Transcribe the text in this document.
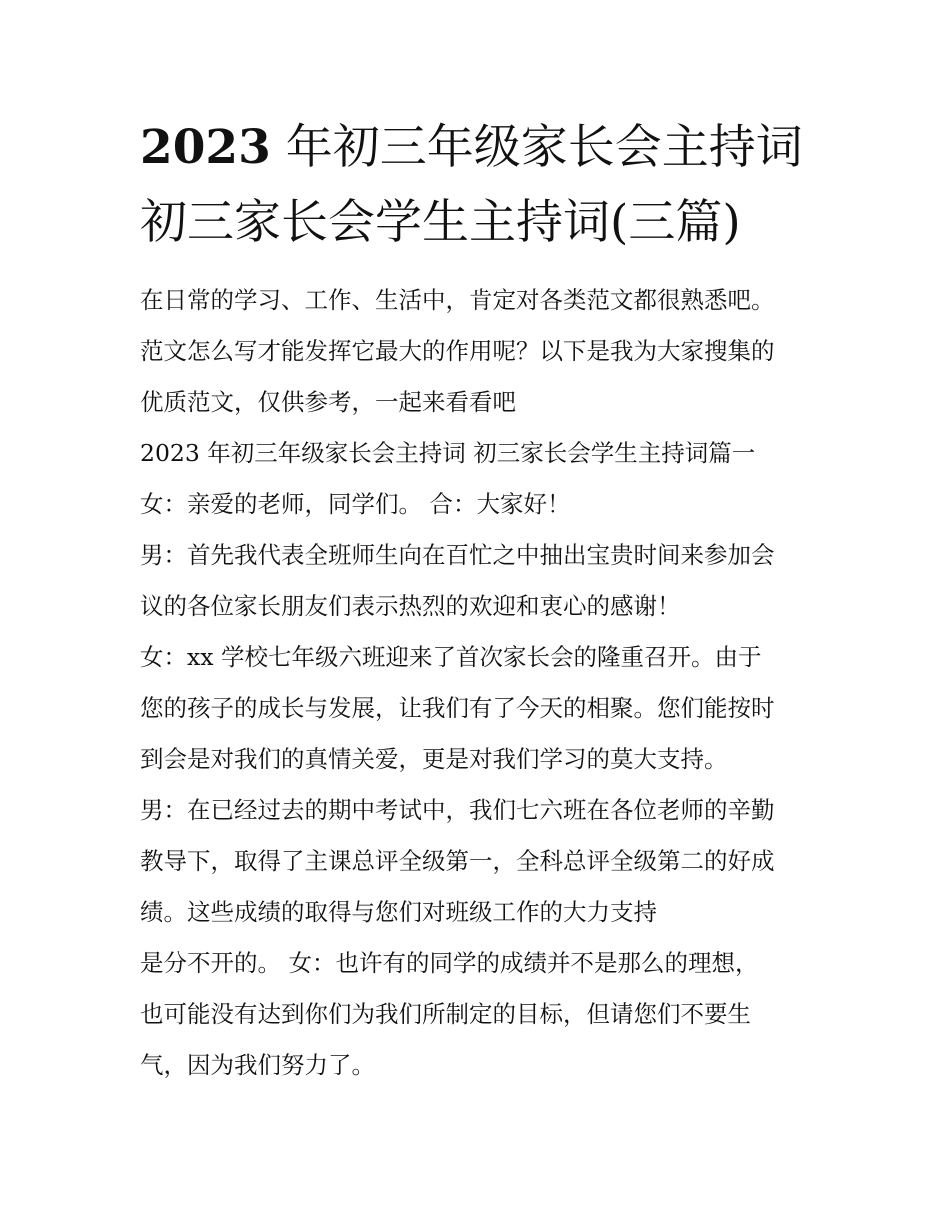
2023 年初三年级家长会主持词
初三家长会学生主持词(三篇)

在日常的学习、工作、生活中，肯定对各类范文都很熟悉吧。

范文怎么写才能发挥它最大的作用呢？以下是我为大家搜集的

优质范文，仅供参考，一起来看看吧

2023 年初三年级家长会主持词 初三家长会学生主持词篇一

女：亲爱的老师，同学们。 合：大家好！

男：首先我代表全班师生向在百忙之中抽出宝贵时间来参加会

议的各位家长朋友们表示热烈的欢迎和衷心的感谢！

女：xx 学校七年级六班迎来了首次家长会的隆重召开。由于

您的孩子的成长与发展，让我们有了今天的相聚。您们能按时

到会是对我们的真情关爱，更是对我们学习的莫大支持。

男：在已经过去的期中考试中，我们七六班在各位老师的辛勤

教导下，取得了主课总评全级第一，全科总评全级第二的好成

绩。这些成绩的取得与您们对班级工作的大力支持

是分不开的。 女：也许有的同学的成绩并不是那么的理想，

也可能没有达到你们为我们所制定的目标，但请您们不要生

气，因为我们努力了。
